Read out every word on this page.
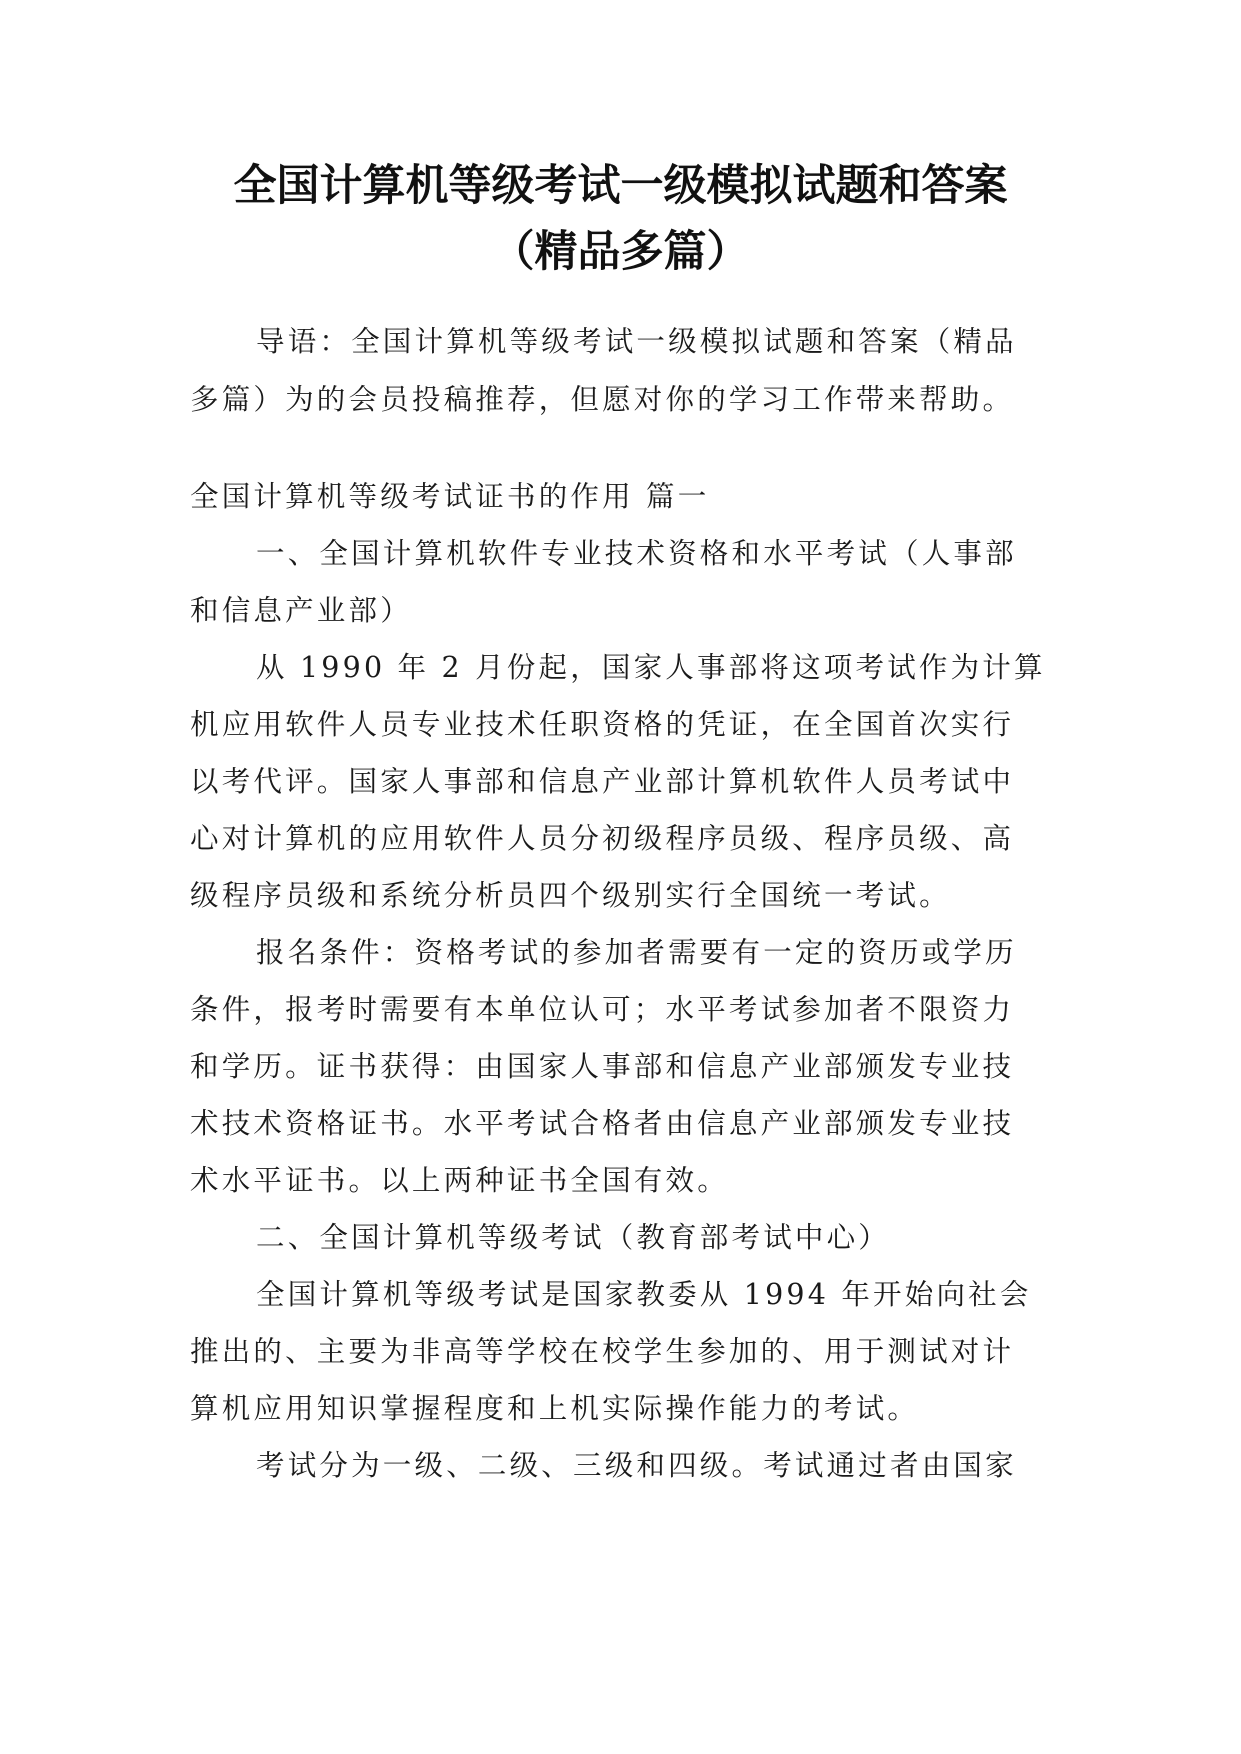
全国计算机等级考试一级模拟试题和答案
（精品多篇）
导语：全国计算机等级考试一级模拟试题和答案（精品
多篇）为的会员投稿推荐，但愿对你的学习工作带来帮助。
全国计算机等级考试证书的作用 篇一
一、全国计算机软件专业技术资格和水平考试（人事部
和信息产业部）
从 1990 年 2 月份起，国家人事部将这项考试作为计算
机应用软件人员专业技术任职资格的凭证，在全国首次实行
以考代评。国家人事部和信息产业部计算机软件人员考试中
心对计算机的应用软件人员分初级程序员级、程序员级、高
级程序员级和系统分析员四个级别实行全国统一考试。
报名条件：资格考试的参加者需要有一定的资历或学历
条件，报考时需要有本单位认可；水平考试参加者不限资力
和学历。证书获得：由国家人事部和信息产业部颁发专业技
术技术资格证书。水平考试合格者由信息产业部颁发专业技
术水平证书。以上两种证书全国有效。
二、全国计算机等级考试（教育部考试中心）
全国计算机等级考试是国家教委从 1994 年开始向社会
推出的、主要为非高等学校在校学生参加的、用于测试对计
算机应用知识掌握程度和上机实际操作能力的考试。
考试分为一级、二级、三级和四级。考试通过者由国家
